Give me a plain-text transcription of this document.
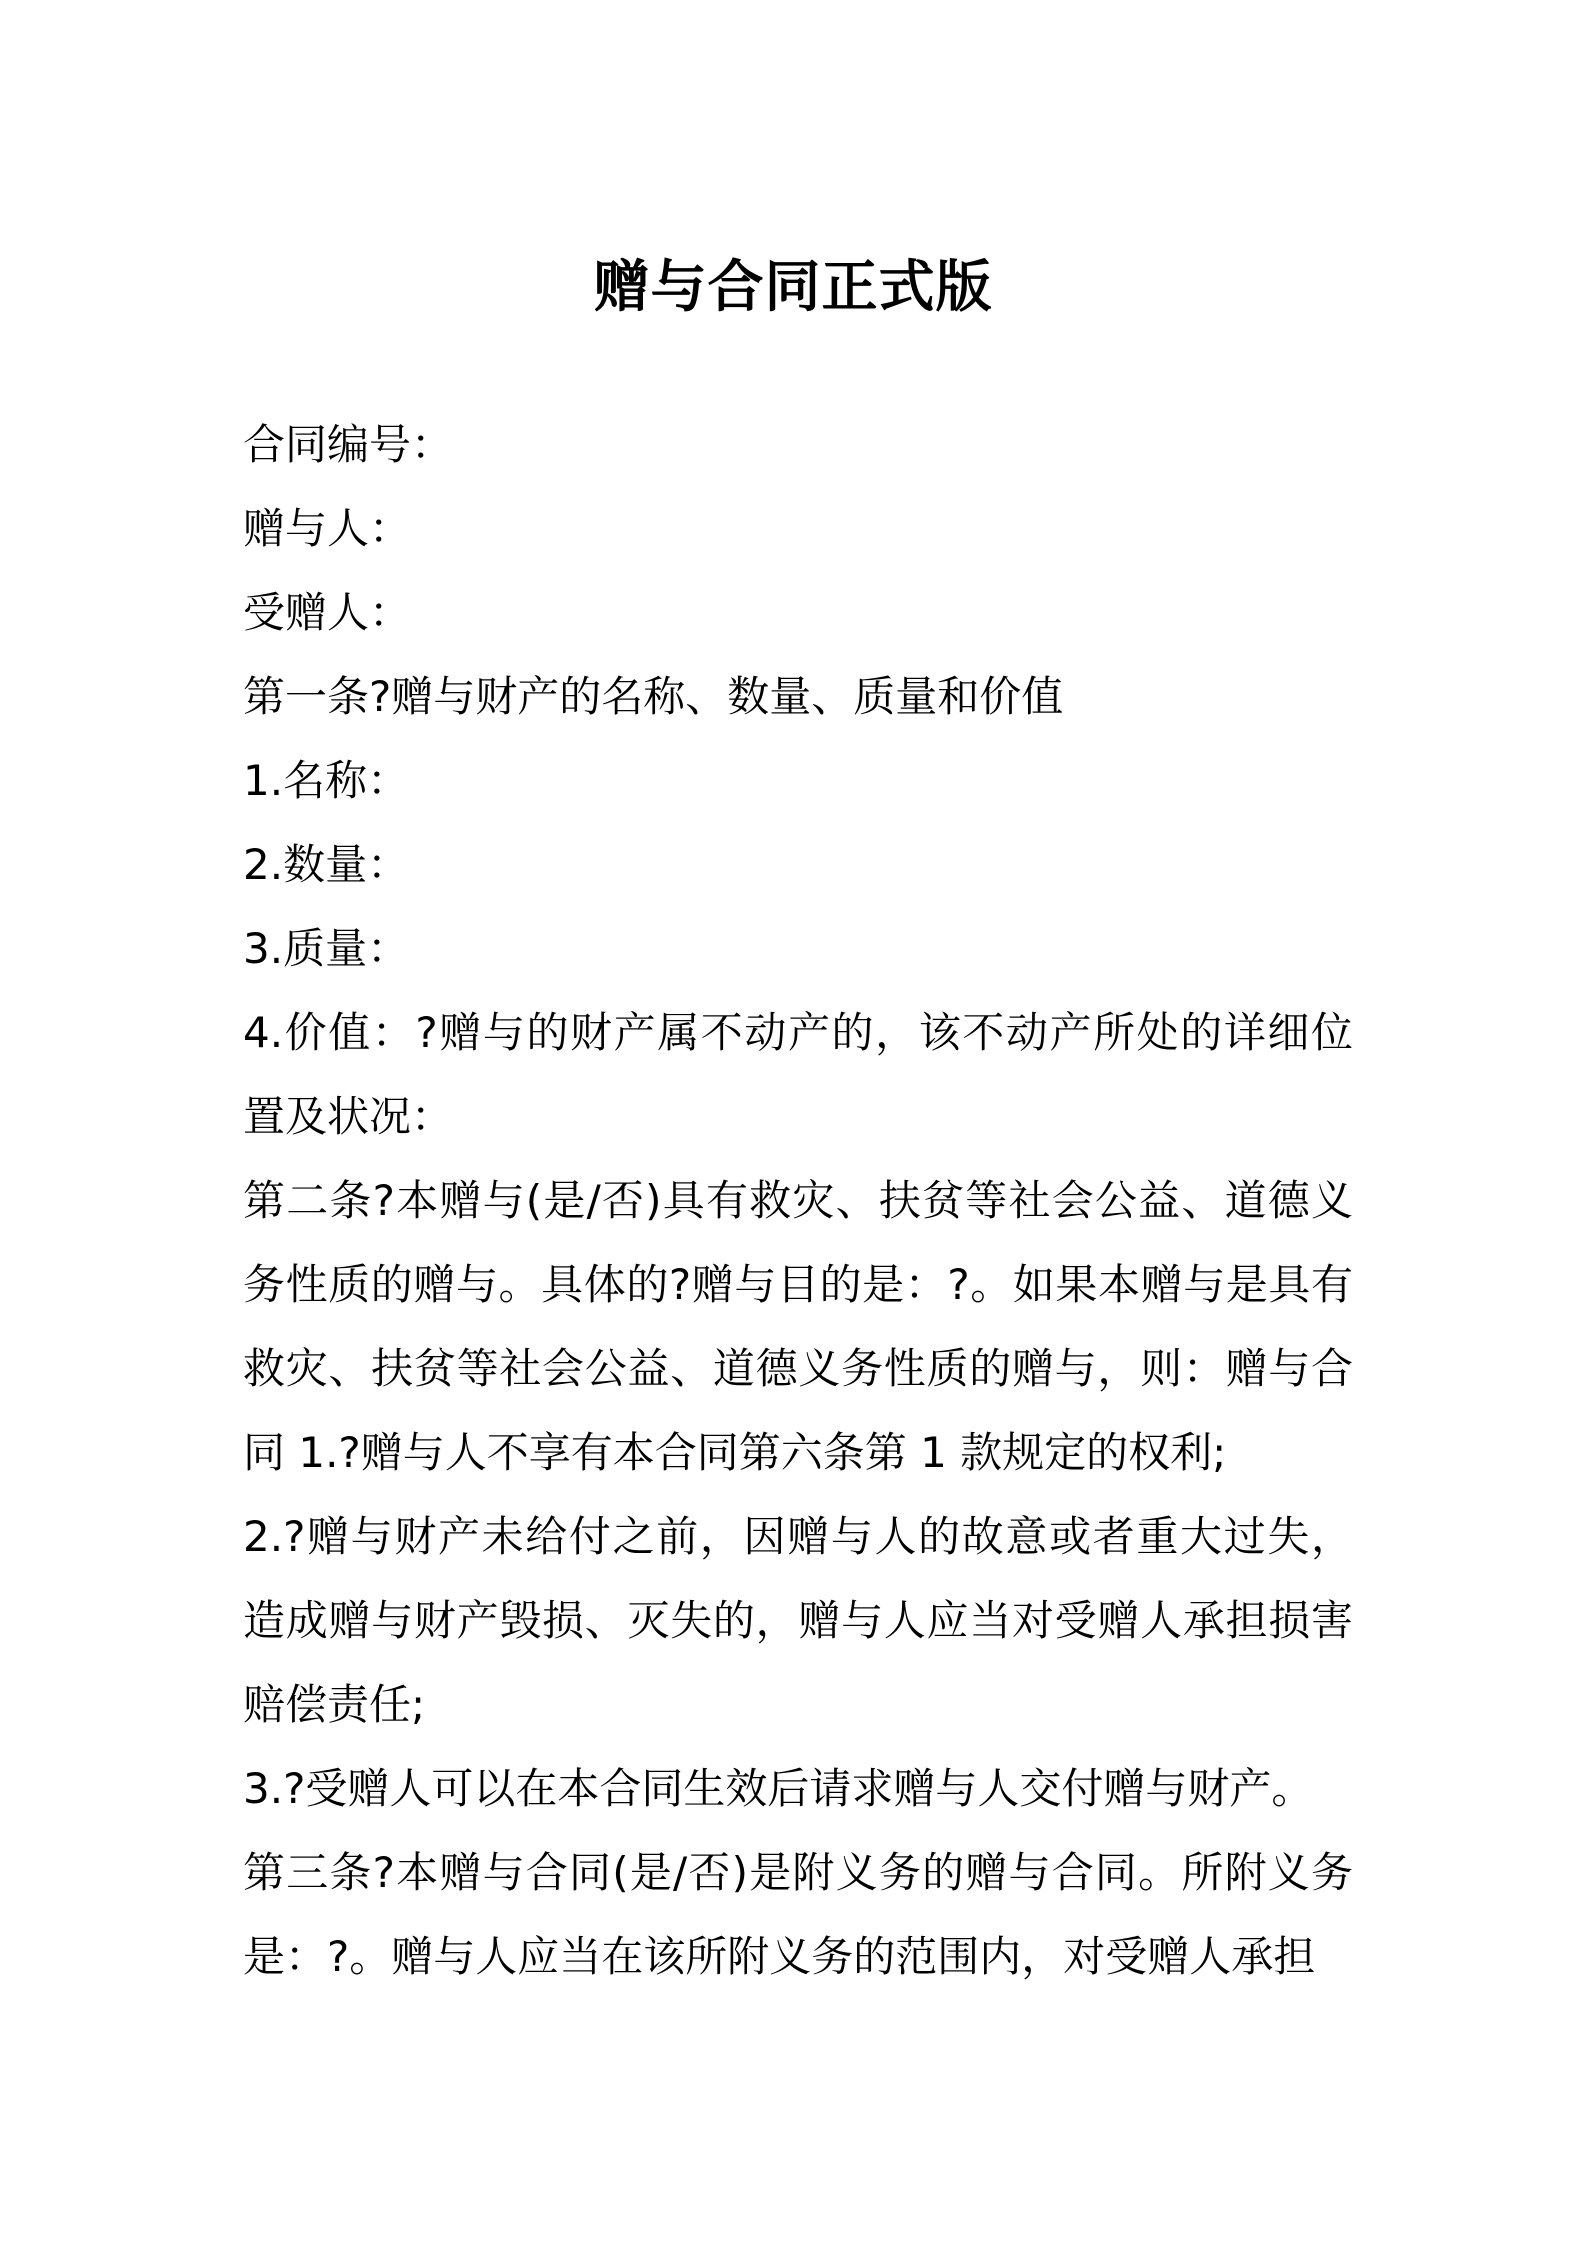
赠与合同正式版

合同编号：

赠与人：

受赠人：

第一条?赠与财产的名称、数量、质量和价值

1.名称：

2.数量：

3.质量：

4.价值：?赠与的财产属不动产的，该不动产所处的详细位置及状况：

第二条?本赠与(是/否)具有救灾、扶贫等社会公益、道德义务性质的赠与。具体的?赠与目的是：?。如果本赠与是具有救灾、扶贫等社会公益、道德义务性质的赠与，则：赠与合同 1.?赠与人不享有本合同第六条第 1 款规定的权利;

2.?赠与财产未给付之前，因赠与人的故意或者重大过失，造成赠与财产毁损、灭失的，赠与人应当对受赠人承担损害赔偿责任;

3.?受赠人可以在本合同生效后请求赠与人交付赠与财产。

第三条?本赠与合同(是/否)是附义务的赠与合同。所附义务是：?。赠与人应当在该所附义务的范围内，对受赠人承担
